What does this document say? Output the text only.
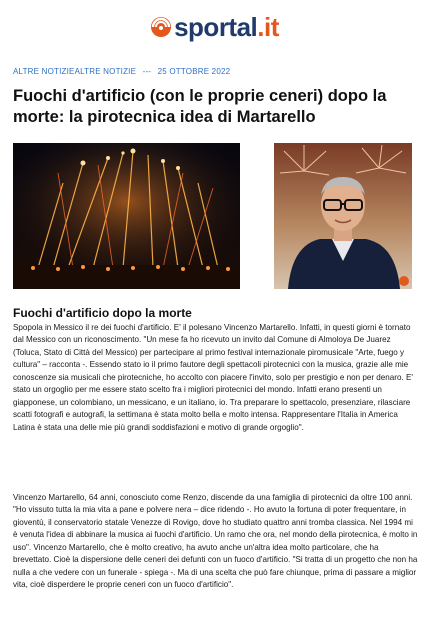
sportal.it
ALTRE NOTIZIEALTRE NOTIZIE --- 25 OTTOBRE 2022
Fuochi d'artificio (con le proprie ceneri) dopo la morte: la pirotecnica idea di Martarello
Fuochi d'artificio dopo la morte

Spopola in Messico il re dei fuochi d'artificio. E' il polesano Vincenzo Martarello. Infatti, in questi giorni è tornato dal Messico con un riconoscimento. "Un mese fa ho ricevuto un invito dal Comune di Almoloya De Juarez (Toluca, Stato di Città del Messico) per partecipare al primo festival internazionale piromusicale "Arte, fuego y cultura" – racconta -. Essendo stato io il primo fautore degli spettacoli pirotecnici con la musica, grazie alle mie conoscenze sia musicali che pirotecniche, ho accolto con piacere l'invito, solo per prestigio e non per denaro. E' stato un orgoglio per me essere stato scelto fra i migliori pirotecnici del mondo. Infatti erano presenti un giapponese, un colombiano, un messicano, e un italiano, io. Tra preparare lo spettacolo, presenziare, rilasciare scatti fotografi e autografi, la settimana è stata molto bella e molto intensa. Rappresentare l'Italia in America Latina è stata una delle mie più grandi soddisfazioni e motivo di grande orgoglio".

Vincenzo Martarello, 64 anni, conosciuto come Renzo, discende da una famiglia di pirotecnici da oltre 100 anni. "Ho vissuto tutta la mia vita a pane e polvere nera – dice ridendo -. Ho avuto la fortuna di poter frequentare, in gioventù, il conservatorio statale Venezze di Rovigo, dove ho studiato quattro anni tromba classica. Nel 1994 mi è venuta l'idea di abbinare la musica ai fuochi d'artificio. Un ramo che ora, nel mondo della pirotecnica, è molto in uso". Vincenzo Martarello, che è molto creativo, ha avuto anche un'altra idea molto particolare, che ha brevettato. Cioè la dispersione delle ceneri dei defunti con un fuoco d'artificio. "Si tratta di un progetto che non ha nulla a che vedere con un funerale - spiega -. Ma di una scelta che può fare chiunque, prima di passare a miglior vita, cioè disperdere le proprie ceneri con un fuoco d'artificio".
